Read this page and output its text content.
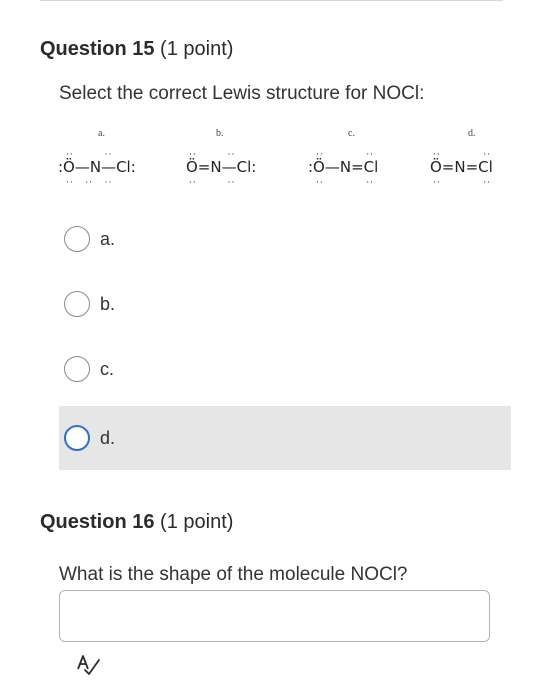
Question 15 (1 point)
Select the correct Lewis structure for NOCl:
a.
··        ··
:Ö—N—Cl:
··   ··   ··
b.
··        ··
Ö=N—Cl:
··        ··
c.
··           ··
:Ö—N=Cl
··           ··
d.
··           ··
Ö=N=Cl
··           ··
a.
b.
c.
d.
Question 16 (1 point)
What is the shape of the molecule NOCl?
